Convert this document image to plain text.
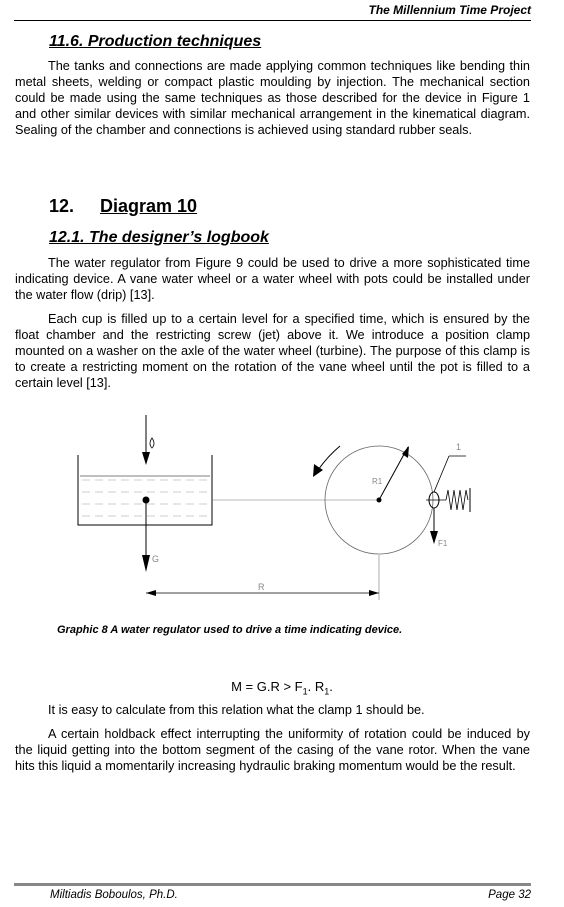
The Millennium Time Project
11.6. Production techniques

The tanks and connections are made applying common techniques like bending thin metal sheets, welding or compact plastic moulding by injection. The mechanical section could be made using the same techniques as those described for the device in Figure 1 and other similar devices with similar mechanical arrangement in the kinematical diagram. Sealing of the chamber and connections is achieved using standard rubber seals.

12. Diagram 10
12.1. The designer’s logbook

The water regulator from Figure 9 could be used to drive a more sophisticated time indicating device. A vane water wheel or a water wheel with pots could be installed under the water flow (drip) [13].

Each cup is filled up to a certain level for a specified time, which is ensured by the float chamber and the restricting screw (jet) above it. We introduce a position clamp mounted on a washer on the axle of the water wheel (turbine). The purpose of this clamp is to create a restricting moment on the rotation of the vane wheel until the pot is filled to a certain level [13].

G
R1
1
F1
R
Graphic 8 A water regulator used to drive a time indicating device.
$M = G.R > F_1$. $R_1$.

It is easy to calculate from this relation what the clamp 1 should be.

A certain holdback effect interrupting the uniformity of rotation could be induced by the liquid getting into the bottom segment of the casing of the vane rotor. When the vane hits this liquid a momentarily increasing hydraulic braking momentum would be the result.

Miltiadis Boboulos, Ph.D.	Page 32
